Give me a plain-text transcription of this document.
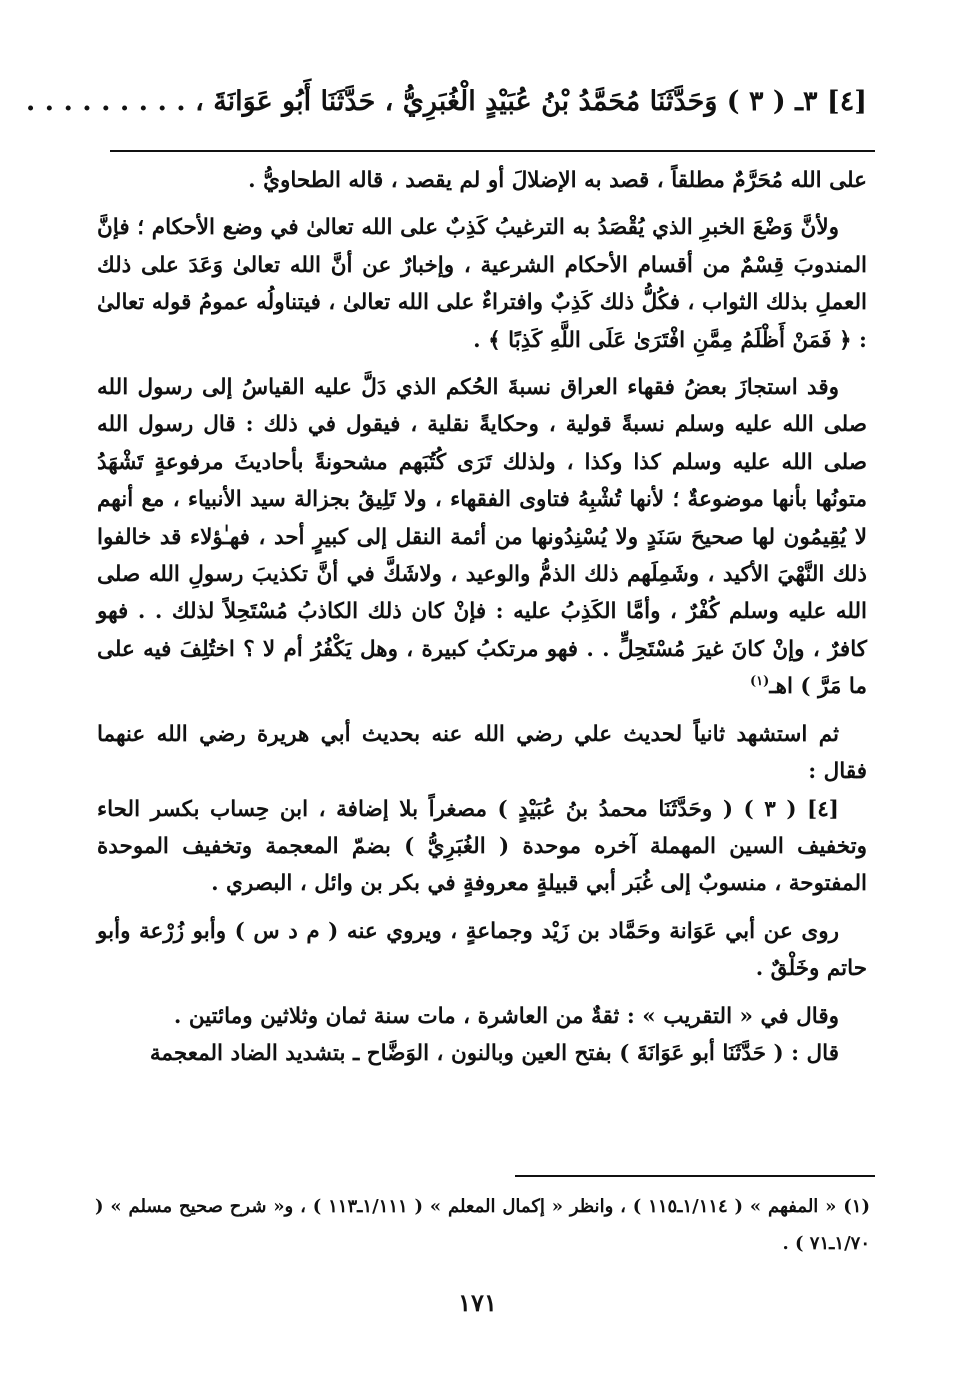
[٤] ٣ـ ( ٣ ) وَحَدَّثَنَا مُحَمَّدُ بْنُ عُبَيْدٍ الْغُبَرِيُّ ، حَدَّثَنَا أَبُو عَوَانَةَ ، . . . . . . . . .

على الله مُحَرَّمٌ مطلقاً ، قصد به الإضلالَ أو لم يقصد ، قاله الطحاويُّ .

ولأنَّ وَضْعَ الخبرِ الذي يُقْصَدُ به الترغيبُ كَذِبٌ على الله تعالىٰ في وضع الأحكام ؛ فإنَّ المندوبَ قِسْمٌ من أقسام الأحكام الشرعية ، وإخبارٌ عن أنَّ الله تعالىٰ وَعَدَ على ذلك العملِ بذلك الثواب ، فكُلُّ ذلك كَذِبٌ وافتراءٌ على الله تعالىٰ ، فيتناولُه عمومُ قوله تعالىٰ : ﴿ فَمَنْ أَظْلَمُ مِمَّنِ افْتَرَىٰ عَلَى اللَّهِ كَذِبًا ﴾ .

وقد استجازَ بعضُ فقهاء العراق نسبةَ الحُكم الذي دَلَّ عليه القياسُ إلى رسول الله صلى الله عليه وسلم نسبةً قولية ، وحكايةً نقلية ، فيقول في ذلك : قال رسول الله صلى الله عليه وسلم كذا وكذا ، ولذلك تَرَى كُتُبَهم مشحونةً بأحاديثَ مرفوعةٍ تَشْهَدُ متونُها بأنها موضوعةٌ ؛ لأنها تُشْبِهُ فتاوى الفقهاء ، ولا تَلِيقُ بجزالة سيد الأنبياء ، مع أنهم لا يُقِيمُون لها صحيحَ سَنَدٍ ولا يُسْنِدُونها من أئمة النقل إلى كبيرٍ أحد ، فهـٰؤلاء قد خالفوا ذلك النَّهْيَ الأكيد ، وشَمِلَهم ذلك الذمُّ والوعيد ، ولاشَكَّ في أنَّ تكذيبَ رسولِ الله صلى الله عليه وسلم كُفْرٌ ، وأمَّا الكَذِبُ عليه : فإنْ كان ذلك الكاذبُ مُسْتَحِلاً لذلك . . فهو كافرٌ ، وإنْ كانَ غيرَ مُسْتَحِلٍّ . . فهو مرتكبُ كبيرة ، وهل يَكْفُرُ أم لا ؟ اختُلِفَ فيه على ما مَرَّ ) اهـ$^{(١)}$

ثم استشهد ثانياً لحديث علي رضي الله عنه بحديث أبي هريرة رضي الله عنهما فقال :

[٤] ( ٣ ) ( وحَدَّثَنَا محمدُ بنُ عُبَيْدٍ ) مصغراً بلا إضافة ، ابن حِساب بكسر الحاء وتخفيف السين المهملة آخره موحدة ( الغُبَرِيُّ ) بضمّ المعجمة وتخفيف الموحدة المفتوحة ، منسوبٌ إلى غُبَر أبي قبيلةٍ معروفةٍ في بكر بن وائل ، البصري .

روى عن أبي عَوَانة وحَمَّاد بن زَيْد وجماعةٍ ، ويروي عنه ( م د س ) وأبو زُرْعة وأبو حاتم وخَلْقٌ .

وقال في « التقريب » : ثقةٌ من العاشرة ، مات سنة ثمان وثلاثين ومائتين .

قال : ( حَدَّثَنَا أبو عَوَانَةَ ) بفتح العين وبالنون ، الوَضَّاح ـ بتشديد الضاد المعجمة

(١) « المفهم » ( ١/١١٤ـ١١٥ ) ، وانظر « إكمال المعلم » ( ١/١١١ـ١١٣ ) ، و« شرح صحيح مسلم » ( ١/٧٠ـ٧١ ) .

١٧١
